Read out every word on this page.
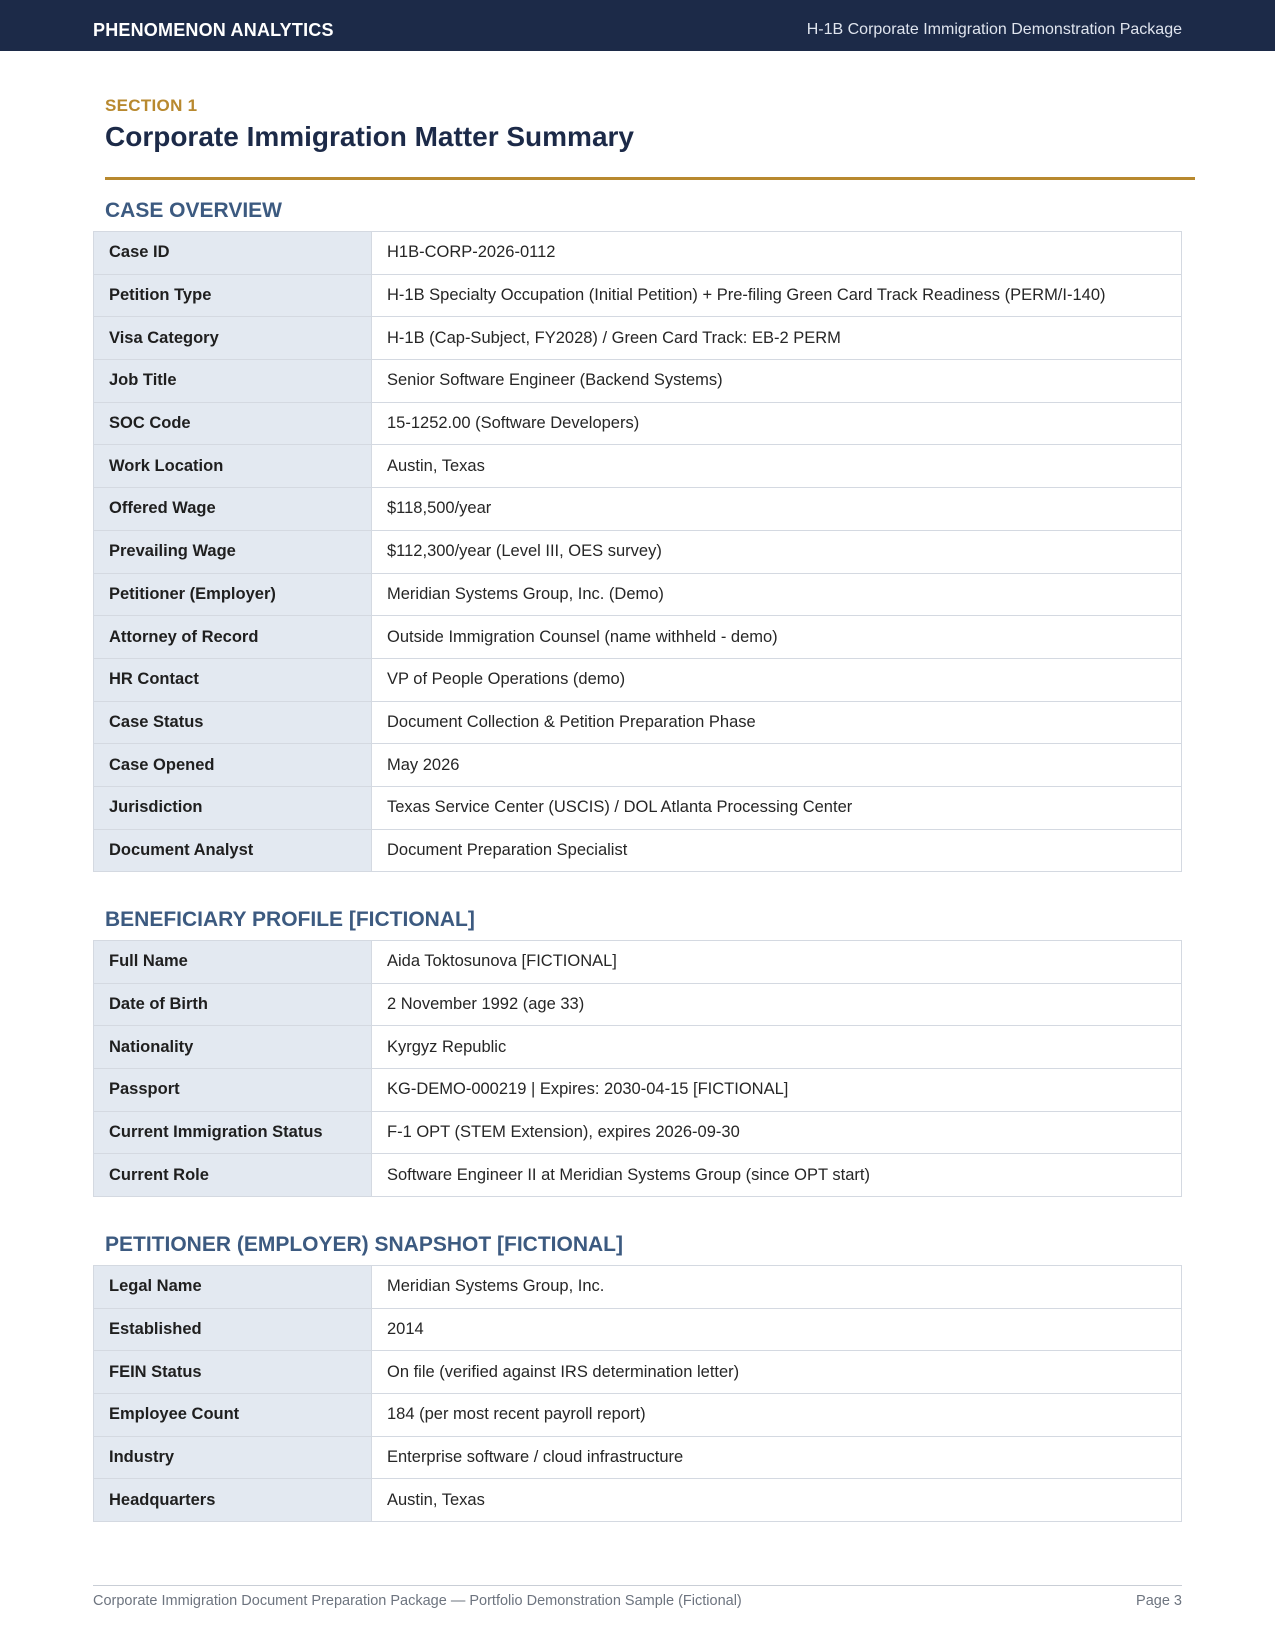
PHENOMENON ANALYTICS	H-1B Corporate Immigration Demonstration Package
SECTION 1
Corporate Immigration Matter Summary
CASE OVERVIEW
Case ID	H1B-CORP-2026-0112
Petition Type	H-1B Specialty Occupation (Initial Petition) + Pre-filing Green Card Track Readiness (PERM/I-140)
Visa Category	H-1B (Cap-Subject, FY2028) / Green Card Track: EB-2 PERM
Job Title	Senior Software Engineer (Backend Systems)
SOC Code	15-1252.00 (Software Developers)
Work Location	Austin, Texas
Offered Wage	$118,500/year
Prevailing Wage	$112,300/year (Level III, OES survey)
Petitioner (Employer)	Meridian Systems Group, Inc. (Demo)
Attorney of Record	Outside Immigration Counsel (name withheld - demo)
HR Contact	VP of People Operations (demo)
Case Status	Document Collection & Petition Preparation Phase
Case Opened	May 2026
Jurisdiction	Texas Service Center (USCIS) / DOL Atlanta Processing Center
Document Analyst	Document Preparation Specialist
BENEFICIARY PROFILE [FICTIONAL]
Full Name	Aida Toktosunova [FICTIONAL]
Date of Birth	2 November 1992 (age 33)
Nationality	Kyrgyz Republic
Passport	KG-DEMO-000219 | Expires: 2030-04-15 [FICTIONAL]
Current Immigration Status	F-1 OPT (STEM Extension), expires 2026-09-30
Current Role	Software Engineer II at Meridian Systems Group (since OPT start)
PETITIONER (EMPLOYER) SNAPSHOT [FICTIONAL]
Legal Name	Meridian Systems Group, Inc.
Established	2014
FEIN Status	On file (verified against IRS determination letter)
Employee Count	184 (per most recent payroll report)
Industry	Enterprise software / cloud infrastructure
Headquarters	Austin, Texas
Corporate Immigration Document Preparation Package — Portfolio Demonstration Sample (Fictional)	Page 3
